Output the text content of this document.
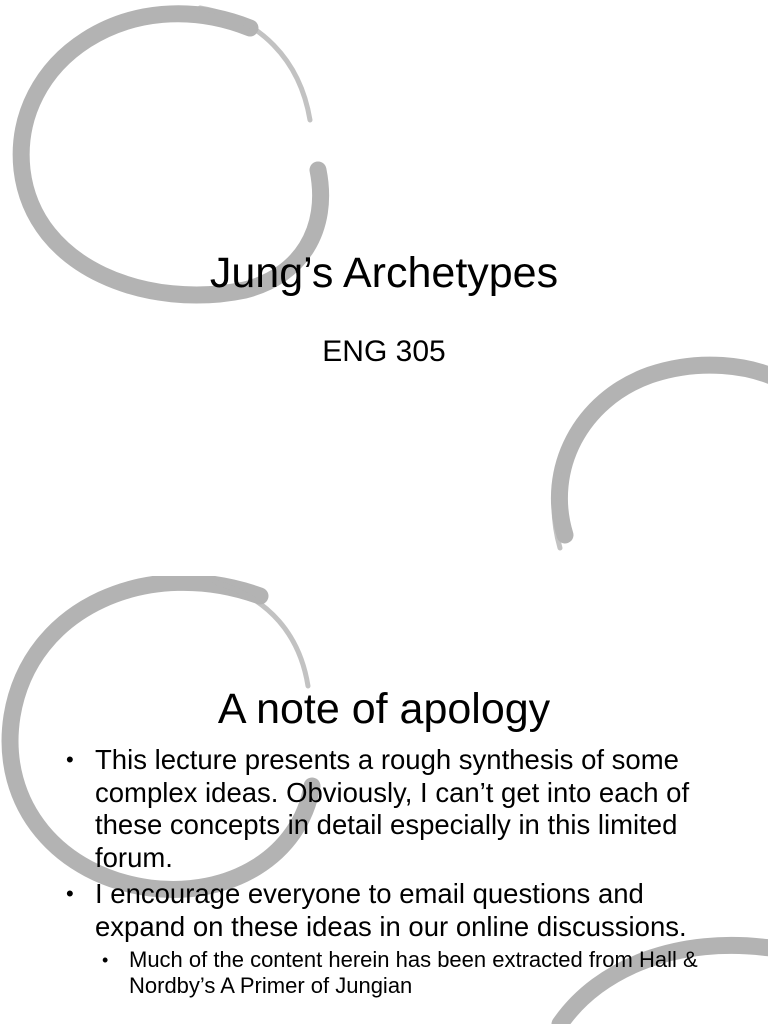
Jung’s Archetypes
ENG 305
A note of apology
• This lecture presents a rough synthesis of some complex ideas. Obviously, I can’t get into each of these concepts in detail especially in this limited forum.
• I encourage everyone to email questions and expand on these ideas in our online discussions.
• Much of the content herein has been extracted from Hall & Nordby’s A Primer of Jungian
